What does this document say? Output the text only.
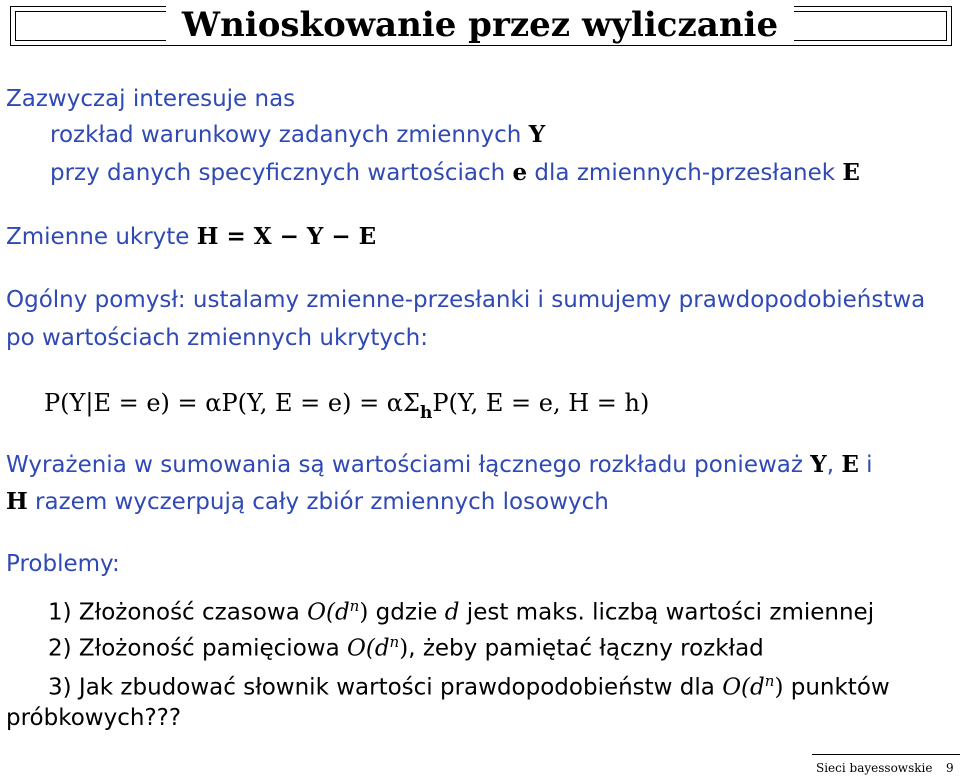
Wnioskowanie przez wyliczanie
Zazwyczaj interesuje nas
rozkład warunkowy zadanych zmiennych Y
przy danych specyficznych wartościach e dla zmiennych-przesłanek E
Zmienne ukryte H = X − Y − E
Ogólny pomysł: ustalamy zmienne-przesłanki i sumujemy prawdopodobieństwa
po wartościach zmiennych ukrytych:
P(Y|E = e) = αP(Y, $E = e) = \alpha\Sigma_hP(Y$, E = e, H = h)
Wyrażenia w sumowania są wartościami łącznego rozkładu ponieważ Y, E i
H razem wyczerpują cały zbiór zmiennych losowych
Problemy:
1) Złożoność czasowa $O(d^n)$ gdzie d jest maks. liczbą wartości zmiennej
2) Złożoność pamięciowa $O(d^n)$, żeby pamiętać łączny rozkład
3) Jak zbudować słownik wartości prawdopodobieństw dla $O(d^n)$ punktów
próbkowych???
Sieci bayessowskie 9
